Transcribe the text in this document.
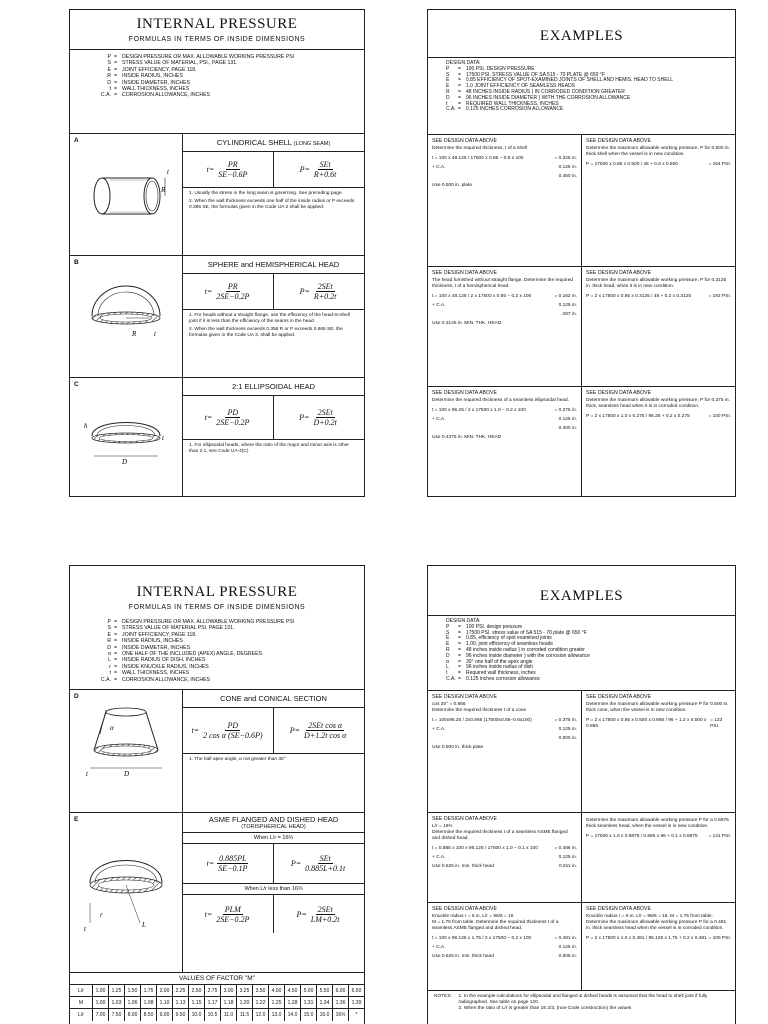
INTERNAL PRESSURE
FORMULAS IN TERMS OF INSIDE DIMENSIONS
P = DESIGN PRESSURE OR MAX. ALLOWABLE WORKING PRESSURE PSI
S = STRESS VALUE OF MATERIAL, PSI., PAGE 131.
E = JOINT EFFICIENCY, PAGE 118.
R = INSIDE RADIUS, INCHES
D = INSIDE DIAMETER, INCHES
t = WALL THICKNESS, INCHES
C.A. = CORROSION ALLOWANCE, INCHES
A
t
R
CYLINDRICAL SHELL (LONG SEAM)
$t= \frac{PR}{SE-0.6P}$	$P= \frac{\text{SEt}}{R+0.6t}$
1. Usually the stress in the long seam is governing. See preceding page.
2. When the wall thickness exceeds one half of the inside radius or P exceeds 0.385 SE, the formulas given in the Code UA 2 shall be applied.
B
R	t
SPHERE and HEMISPHERICAL HEAD
$t= \frac{PR}{2SE-0.2P}$	$P= \frac{\text{2SEt}}{R+0.2t}$
1. For heads without a straight flange, use the efficiency of the head-to-shell joint if it is less than the efficiency of the seams in the head.
2. When the wall thickness exceeds 0.356 R or P exceeds 0.665 SE, the formulas given in the Code UA 3, shall be applied.
C
D
t
h
2:1 ELLIPSOIDAL HEAD
$t= \frac{PD}{2SE-0.2P}$	$P= \frac{\text{2SEt}}{D+0.2t}$
1. For ellipsoidal heads, where the ratio of the major and minor axis is other than 2:1, see Code UA-4(C)
EXAMPLES
DESIGN DATA:
P	=	100 PSI. DESIGN PRESSURE
S	=	17500 PSI. STRESS VALUE OF SA 515 - 70 PLATE @ 650 °F
E	=	0.85 EFFICIENCY OF SPOT-EXAMINED JOINTS OF SHELL AND HEMIS. HEAD TO SHELL
E	=	1.0 JOINT EFFICIENCY OF SEAMLESS HEADS
R	=	48 INCHES INSIDE RADIUS } IN CORRODED CONDITION GREATER
D	=	96 INCHES INSIDE DIAMETER } WITH THE CORROSION ALLOWANCE
t	=	REQUIRED WALL THICKNESS, INCHES
C.A. =	0.125 INCHES CORROSION ALLOWANCE
SEE DESIGN DATA ABOVE
Determine the required thickness, t of a shell
t = 100 x 48.125 / 17500 x 0.85 − 0.6 x 100	= 0.325 in.
+ C.A.	0.125 in.
0.450 in.
Use 0.500 in. plate
SEE DESIGN DATA ABOVE
Determine the maximum allowable working pressure, P for 0.500 in. thick shell when the vessel is in new condition.
P = 17500 x 0.85 x 0.500 / 48 + 0.6 x 0.500	= 154 PSI.
SEE DESIGN DATA ABOVE
The head furnished without straight flange. Determine the required thickness, t of a hemispherical head.
t = 100 x 48.125 / 2 x 17500 x 0.85 − 0.2 x 100	= 0.162 in.
+ C.A.	0.125 in.
.287 in.
Use 0.3125 in. MIN. THK. HEAD
SEE DESIGN DATA ABOVE
Determine the maximum allowable working pressure, P for 0.3125 in. thick head, when it is in new condition.
P = 2 x 17500 x 0.85 x 0.3125 / 48 + 0.2 x 0.3125	= 193 PSI.
SEE DESIGN DATA ABOVE
Determine the required thickness of a seamless ellipsoidal head.
t = 100 x 96.25 / 2 x 17500 x 1.0 − 0.2 x 100	= 0.275 in.
+ C.A.	0.125 in.
0.400 in.
Use 0.4375 in. MIN. THK. HEAD
SEE DESIGN DATA ABOVE
Determine the maximum allowable working pressure, P for 0.375 in. thick, seamless head when it is in corroded condition.
P = 2 x 17500 x 1.0 x 0.275 / 96.25 + 0.2 x 0.275	= 100 PSI.
INTERNAL PRESSURE
FORMULAS IN TERMS OF INSIDE DIMENSIONS
P = DESIGN PRESSURE OR MAX. ALLOWABLE WORKING PRESSURE PSI
S = STRESS VALUE OF MATERIAL PSI. PAGE 131.
E = JOINT EFFICIENCY, PAGE 118.
R = INSIDE RADIUS, INCHES
D = INSIDE DIAMETER, INCHES
α = ONE HALF OF THE INCLUDED (APEX) ANGLE, DEGREES
L = INSIDE RADIUS OF DISH, INCHES
r = INSIDE KNUCKLE RADIUS, INCHES
t = WALL THICKNESS, INCHES
C.A. = CORROSION ALLOWANCE, INCHES
D
D
t
α
CONE and CONICAL SECTION
$t= \frac{PD}{\text{2 cos α (SE−0.6P)}}$	$P= \frac{\text{2SEt cos α}}{\text{D+1.2t cos α}}$
1. The half apex angle, α not greater than 30°
E
L
t
r
ASME FLANGED AND DISHED HEAD
(TORISPHERICAL HEAD)
When L/r = 16⅔
$t= \frac{0.885PL}{SE-0.1P}$	$P= \frac{\text{SEt}}{0.885L+0.1t}$
When L/r less than 16⅔
$t= \frac{\text{PLM}}{2SE-0.2P}$	$P= \frac{\text{2SEt}}{LM+0.2t}$
VALUES OF FACTOR "M"
L/r	1.00	1.25	1.50	1.75	2.00	2.25	2.50	2.75	3.00	3.25	3.50	4.00	4.50	5.00	5.50	6.00	6.50
M	1.00	1.03	1.06	1.08	1.10	1.13	1.15	1.17	1.18	1.20	1.22	1.25	1.28	1.31	1.34	1.36	1.39
L/r	7.00	7.50	8.00	8.50	9.00	9.50	10.0	10.5	11.0	11.5	12.0	13.0	14.0	15.0	16.0	16⅔	*
EXAMPLES
DESIGN DATA:
P	=	100 PSI. design pressure
S	=	17500 PSI. stress value of SA 515 - 70 plate @ 650 °F
E	=	0.85, efficiency of spot examined joints
E	=	1.00, joint efficiency of seamless heads
R	=	48 inches inside radius } in corroded condition greater
D	=	96 inches inside diameter } with the corrosion allowance
α	=	30° one half of the apex angle
L	=	96 inches inside radius of dish
t	=	Required wall thickness, inches
C.A. =	0.125 inches corrosion allowance
SEE DESIGN DATA ABOVE
cos 30° = 0.866
Determine the required thickness t of a cone
t = 100x96.25 / 2x0.866 (17500x0.85−0.6x100)	= 0.375 in.
+ C.A.	0.125 in.
0.500 in.
Use 0.500 in. thick plate
SEE DESIGN DATA ABOVE
Determine the maximum allowable working pressure P for 0.500 in. thick cone, when the vessel is in new condition.
P = 2 x 17500 x 0.85 x 0.500 x 0.866 / 96 + 1.2 x 0.500 x 0.866
= 133 PSI.
SEE DESIGN DATA ABOVE
L/r = 16⅔
Determine the required thickness t of a seamless ASME flanged and dished head.
t = 0.885 x 100 x 96.125 / 17500 x 1.0 − 0.1 x 100	= 0.486 in.
+ C.A.	0.125 in.
Use 0.625 in. min. thick head	0.611 in.
Determine the maximum allowable working pressure P for a 0.6875 thick seamless head, when the vessel is in new condition.
P = 17500 x 1.0 x 0.6875 / 0.885 x 96 + 0.1 x 0.6875 = 141 PSI.
SEE DESIGN DATA ABOVE
Knuckle radius r = 6 in. L/r = 96/6 = 16
M = 1.75 from table. Determine the required thickness t of a seamless ASME flanged and dished head.
t = 100 x 96.125 x 1.75 / 2 x 17500 − 0.2 x 100	= 0.481 in.
+ C.A.	0.125 in.
Use 0.625 in. min. thick head	0.606 in.
SEE DESIGN DATA ABOVE
Knuckle radius r = 6 in. L/r = 96/6 = 16. M = 1.75 from table. Determine the maximum allowable working pressure P for a 0.481 in. thick seamless head when the vessel is in corroded condition.
P = 2 x 17500 x 1.0 x 0.481 / 96.125 x 1.75 + 0.2 x 0.481 = 100 PSI.
NOTES:	1. In the example-calculations for ellipsoidal and flanged & dished heads is assumed that the head to shell joint if fully radiographed. See table on page 120.
2. When the ratio of L/r is greater than 16 2/3, (non-Code construction) the values
